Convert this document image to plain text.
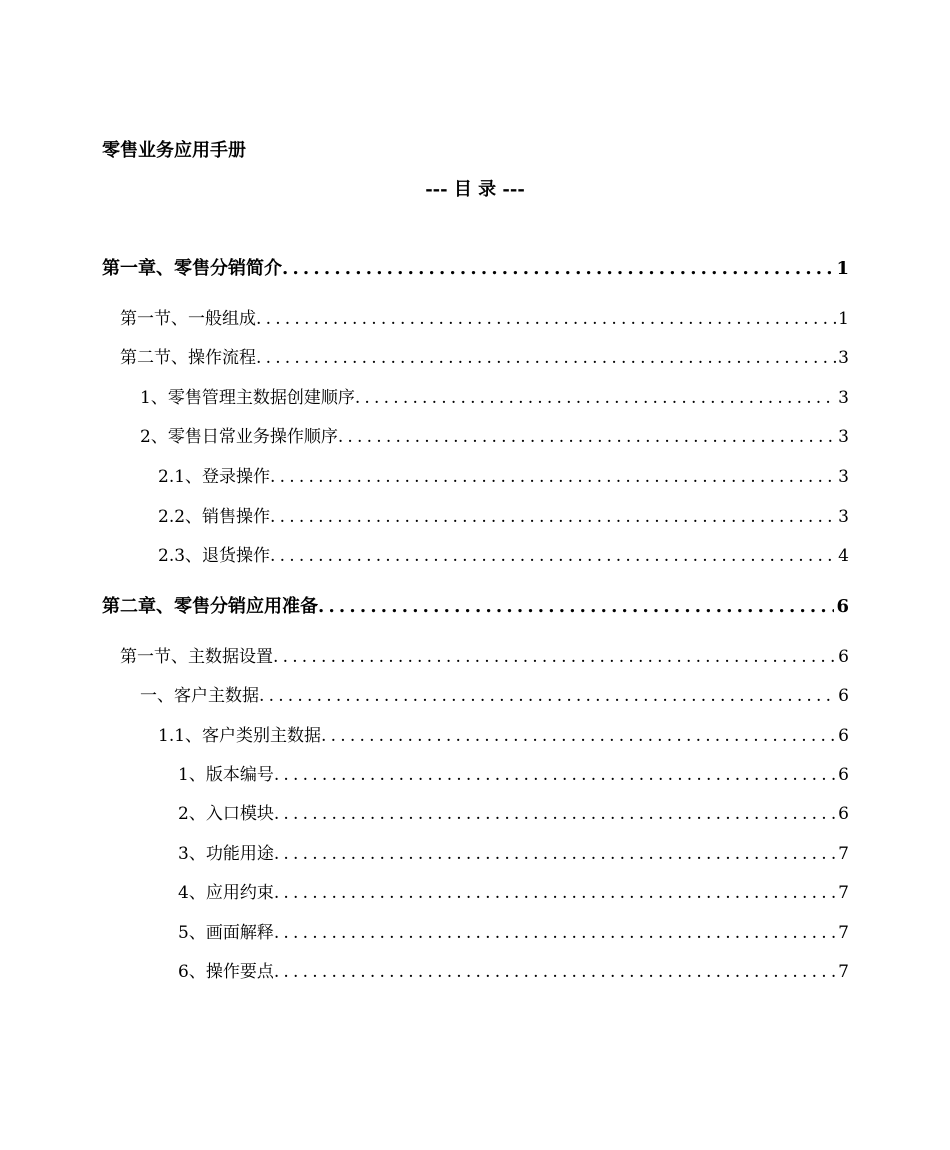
零售业务应用手册
--- 目 录 ---
第一章、零售分销简介 .....	1
第一节、一般组成 .....	1
第二节、操作流程 .....	3
1、零售管理主数据创建顺序 .....	3
2、零售日常业务操作顺序 .....	3
2.1、登录操作 .....	3
2.2、销售操作 .....	3
2.3、退货操作 .....	4
第二章、零售分销应用准备 .....	6
第一节、主数据设置 .....	6
一、客户主数据 .....	6
1.1、客户类别主数据 .....	6
1、版本编号 .....	6
2、入口模块 .....	6
3、功能用途 .....	7
4、应用约束 .....	7
5、画面解释 .....	7
6、操作要点 .....	7
